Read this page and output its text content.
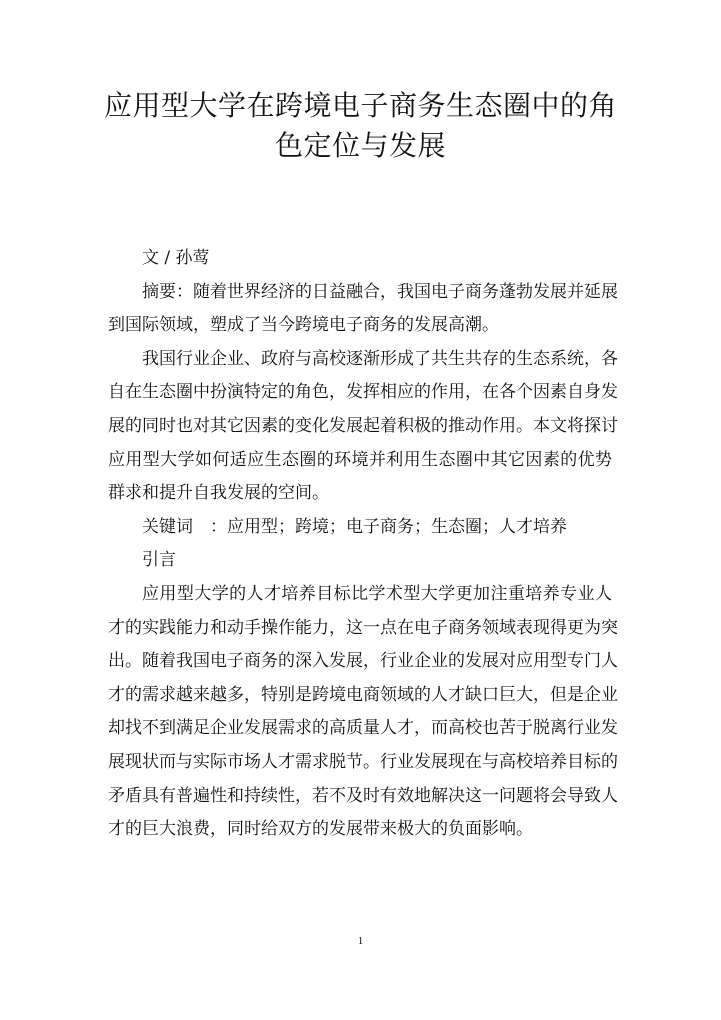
应用型大学在跨境电子商务生态圈中的角
色定位与发展
文 / 孙莺
摘要：随着世界经济的日益融合，我国电子商务蓬勃发展并延展
到国际领域，塑成了当今跨境电子商务的发展高潮。
我国行业企业、政府与高校逐渐形成了共生共存的生态系统，各
自在生态圈中扮演特定的角色，发挥相应的作用，在各个因素自身发
展的同时也对其它因素的变化发展起着积极的推动作用。本文将探讨
应用型大学如何适应生态圈的环境并利用生态圈中其它因素的优势
群求和提升自我发展的空间。
关键词　：应用型；跨境；电子商务；生态圈；人才培养
引言
应用型大学的人才培养目标比学术型大学更加注重培养专业人
才的实践能力和动手操作能力，这一点在电子商务领域表现得更为突
出。随着我国电子商务的深入发展，行业企业的发展对应用型专门人
才的需求越来越多，特别是跨境电商领域的人才缺口巨大，但是企业
却找不到满足企业发展需求的高质量人才，而高校也苦于脱离行业发
展现状而与实际市场人才需求脱节。行业发展现在与高校培养目标的
矛盾具有普遍性和持续性，若不及时有效地解决这一问题将会导致人
才的巨大浪费，同时给双方的发展带来极大的负面影响。
1
